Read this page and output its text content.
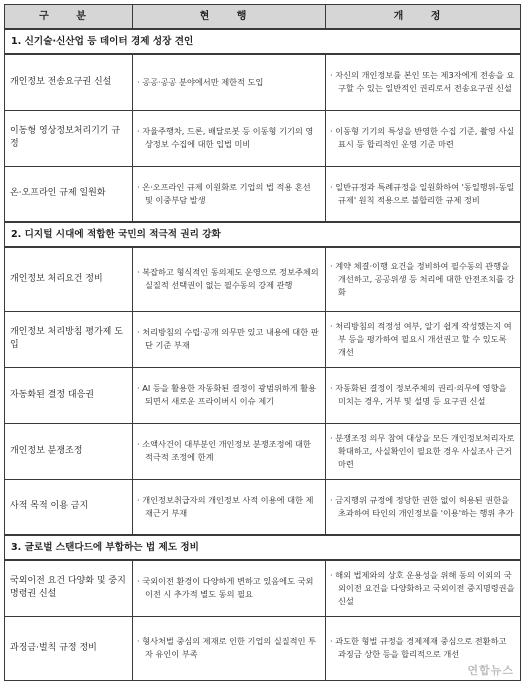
구 분	현 행	개 정
1. 신기술·신산업 등 데이터 경제 성장 견인		
개인정보 전송요구권 신설	· 공공·공공 분야에서만 제한적 도입	· 자신의 개인정보를 본인 또는 제3자에게 전송을 요구할 수 있는 일반적인 권리로서 전송요구권 신설

이동형 영상정보처리기기 규정	· 자율주행차, 드론, 배달로봇 등 이동형 기기의 영상정보 수집에 대한 입법 미비	· 이동형 기기의 특성을 반영한 수집 기준, 촬영 사실 표시 등 합리적인 운영 기준 마련

온·오프라인 규제 일원화	· 온·오프라인 규제 이원화로 기업의 법 적용 혼선 및 이중부담 발생	· 일반규정과 특례규정을 일원화하여 '동일행위-동일규제' 원칙 적용으로 불합리한 규제 정비

2. 디지털 시대에 적합한 국민의 적극적 권리 강화		
개인정보 처리요건 정비	· 복잡하고 형식적인 동의제도 운영으로 정보주체의 실질적 선택권이 없는 필수동의 강제 관행	· 계약 체결·이행 요건을 정비하여 필수동의 관행을 개선하고, 공공위생 등 처리에 대한 안전조치를 강화

개인정보 처리방침 평가제 도입	· 처리방침의 수립·공개 의무만 있고 내용에 대한 판단 기준 부재	· 처리방침의 적정성 여부, 알기 쉽게 작성했는지 여부 등을 평가하여 필요시 개선권고 할 수 있도록 개선

자동화된 결정 대응권	· AI 등을 활용한 자동화된 결정이 광범위하게 활용되면서 새로운 프라이버시 이슈 제기	· 자동화된 결정이 정보주체의 권리·의무에 영향을 미치는 경우, 거부 및 설명 등 요구권 신설

개인정보 분쟁조정	· 소액사건이 대부분인 개인정보 분쟁조정에 대한 적극적 조정에 한계	· 분쟁조정 의무 참여 대상을 모든 개인정보처리자로 확대하고, 사실확인이 필요한 경우 사실조사 근거 마련

사적 목적 이용 금지	· 개인정보취급자의 개인정보 사적 이용에 대한 제재근거 부재	· 금지행위 규정에 정당한 권한 없이 허용된 권한을 초과하여 타인의 개인정보를 '이용'하는 행위 추가

3. 글로벌 스탠다드에 부합하는 법 제도 정비		
국외이전 요건 다양화 및 중지명령권 신설	· 국외이전 환경이 다양하게 변하고 있음에도 국외 이전 시 추가적 별도 동의 필요	· 해외 법제와의 상호 운용성을 위해 동의 이외의 국외이전 요건을 다양화하고 국외이전 중지명령권을 신설

과징금·벌칙 규정 정비	· 형사처벌 중심의 제재로 인한 기업의 실질적인 투자 유인이 부족	· 과도한 형벌 규정을 경제제재 중심으로 전환하고 과징금 상한 등을 합리적으로 개선
연합뉴스
